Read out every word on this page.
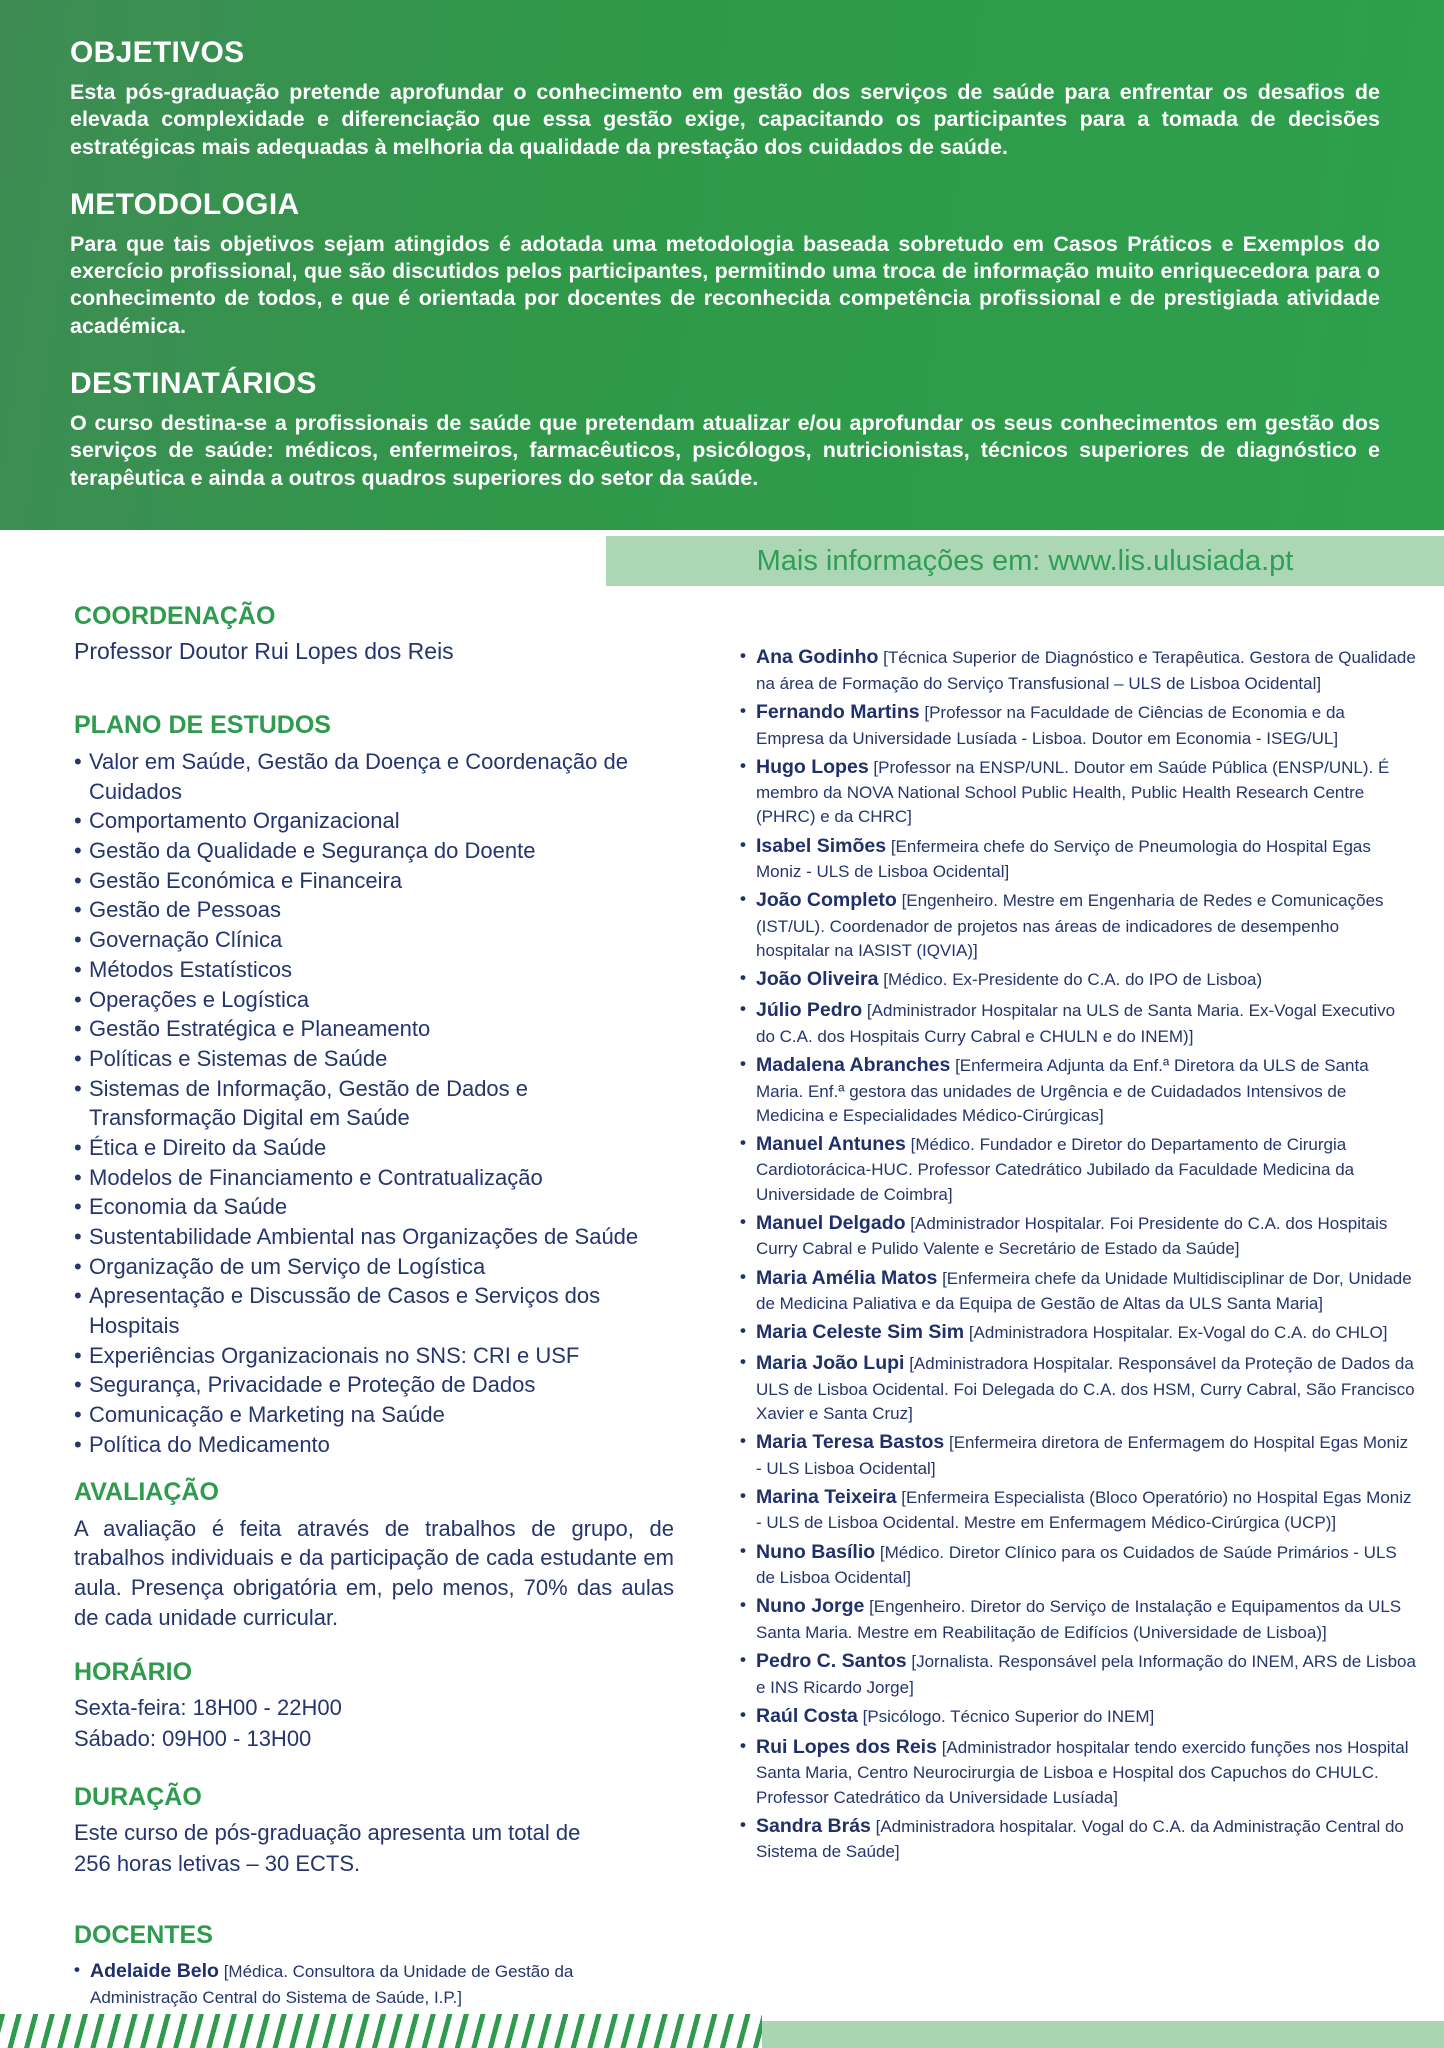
OBJETIVOS

Esta pós-graduação pretende aprofundar o conhecimento em gestão dos serviços de saúde para enfrentar os desafios de elevada complexidade e diferenciação que essa gestão exige, capacitando os participantes para a tomada de decisões estratégicas mais adequadas à melhoria da qualidade da prestação dos cuidados de saúde.

METODOLOGIA

Para que tais objetivos sejam atingidos é adotada uma metodologia baseada sobretudo em Casos Práticos e Exemplos do exercício profissional, que são discutidos pelos participantes, permitindo uma troca de informação muito enriquecedora para o conhecimento de todos, e que é orientada por docentes de reconhecida competência profissional e de prestigiada atividade académica.

DESTINATÁRIOS

O curso destina-se a profissionais de saúde que pretendam atualizar e/ou aprofundar os seus conhecimentos em gestão dos serviços de saúde: médicos, enfermeiros, farmacêuticos, psicólogos, nutricionistas, técnicos superiores de diagnóstico e terapêutica e ainda a outros quadros superiores do setor da saúde.

Mais informações em: www.lis.ulusiada.pt
COORDENAÇÃO
Professor Doutor Rui Lopes dos Reis
PLANO DE ESTUDOS
• Valor em Saúde, Gestão da Doença e Coordenação de Cuidados
• Comportamento Organizacional
• Gestão da Qualidade e Segurança do Doente
• Gestão Económica e Financeira
• Gestão de Pessoas
• Governação Clínica
• Métodos Estatísticos
• Operações e Logística
• Gestão Estratégica e Planeamento
• Políticas e Sistemas de Saúde
• Sistemas de Informação, Gestão de Dados e Transformação Digital em Saúde
• Ética e Direito da Saúde
• Modelos de Financiamento e Contratualização
• Economia da Saúde
• Sustentabilidade Ambiental nas Organizações de Saúde
• Organização de um Serviço de Logística
• Apresentação e Discussão de Casos e Serviços dos Hospitais
• Experiências Organizacionais no SNS: CRI e USF
• Segurança, Privacidade e Proteção de Dados
• Comunicação e Marketing na Saúde
• Política do Medicamento
AVALIAÇÃO

A avaliação é feita através de trabalhos de grupo, de trabalhos individuais e da participação de cada estudante em aula. Presença obrigatória em, pelo menos, 70% das aulas de cada unidade curricular.

HORÁRIO
Sexta-feira: 18H00 - 22H00
Sábado: 09H00 - 13H00
DURAÇÃO
Este curso de pós-graduação apresenta um total de
256 horas letivas – 30 ECTS.
DOCENTES

• Adelaide Belo [Médica. Consultora da Unidade de Gestão da Administração Central do Sistema de Saúde, I.P.]

• Ana Godinho [Técnica Superior de Diagnóstico e Terapêutica. Gestora de Qualidade na área de Formação do Serviço Transfusional – ULS de Lisboa Ocidental]

• Fernando Martins [Professor na Faculdade de Ciências de Economia e da Empresa da Universidade Lusíada - Lisboa. Doutor em Economia - ISEG/UL]

• Hugo Lopes [Professor na ENSP/UNL. Doutor em Saúde Pública (ENSP/UNL). É membro da NOVA National School Public Health, Public Health Research Centre (PHRC) e da CHRC]

• Isabel Simões [Enfermeira chefe do Serviço de Pneumologia do Hospital Egas Moniz - ULS de Lisboa Ocidental]

• João Completo [Engenheiro. Mestre em Engenharia de Redes e Comunicações (IST/UL). Coordenador de projetos nas áreas de indicadores de desempenho hospitalar na IASIST (IQVIA)]

• João Oliveira [Médico. Ex-Presidente do C.A. do IPO de Lisboa)

• Júlio Pedro [Administrador Hospitalar na ULS de Santa Maria. Ex-Vogal Executivo do C.A. dos Hospitais Curry Cabral e CHULN e do INEM)]

• Madalena Abranches [Enfermeira Adjunta da Enf.ª Diretora da ULS de Santa Maria. Enf.ª gestora das unidades de Urgência e de Cuidadados Intensivos de Medicina e Especialidades Médico-Cirúrgicas]

• Manuel Antunes [Médico. Fundador e Diretor do Departamento de Cirurgia Cardiotorácica-HUC. Professor Catedrático Jubilado da Faculdade Medicina da Universidade de Coimbra]

• Manuel Delgado [Administrador Hospitalar. Foi Presidente do C.A. dos Hospitais Curry Cabral e Pulido Valente e Secretário de Estado da Saúde]

• Maria Amélia Matos [Enfermeira chefe da Unidade Multidisciplinar de Dor, Unidade de Medicina Paliativa e da Equipa de Gestão de Altas da ULS Santa Maria]

• Maria Celeste Sim Sim [Administradora Hospitalar. Ex-Vogal do C.A. do CHLO]

• Maria João Lupi [Administradora Hospitalar. Responsável da Proteção de Dados da ULS de Lisboa Ocidental. Foi Delegada do C.A. dos HSM, Curry Cabral, São Francisco Xavier e Santa Cruz]

• Maria Teresa Bastos [Enfermeira diretora de Enfermagem do Hospital Egas Moniz - ULS Lisboa Ocidental]

• Marina Teixeira [Enfermeira Especialista (Bloco Operatório) no Hospital Egas Moniz - ULS de Lisboa Ocidental. Mestre em Enfermagem Médico-Cirúrgica (UCP)]

• Nuno Basílio [Médico. Diretor Clínico para os Cuidados de Saúde Primários - ULS de Lisboa Ocidental]

• Nuno Jorge [Engenheiro. Diretor do Serviço de Instalação e Equipamentos da ULS Santa Maria. Mestre em Reabilitação de Edifícios (Universidade de Lisboa)]

• Pedro C. Santos [Jornalista. Responsável pela Informação do INEM, ARS de Lisboa e INS Ricardo Jorge]

• Raúl Costa [Psicólogo. Técnico Superior do INEM]

• Rui Lopes dos Reis [Administrador hospitalar tendo exercido funções nos Hospital Santa Maria, Centro Neurocirurgia de Lisboa e Hospital dos Capuchos do CHULC. Professor Catedrático da Universidade Lusíada]

• Sandra Brás [Administradora hospitalar. Vogal do C.A. da Administração Central do Sistema de Saúde]
